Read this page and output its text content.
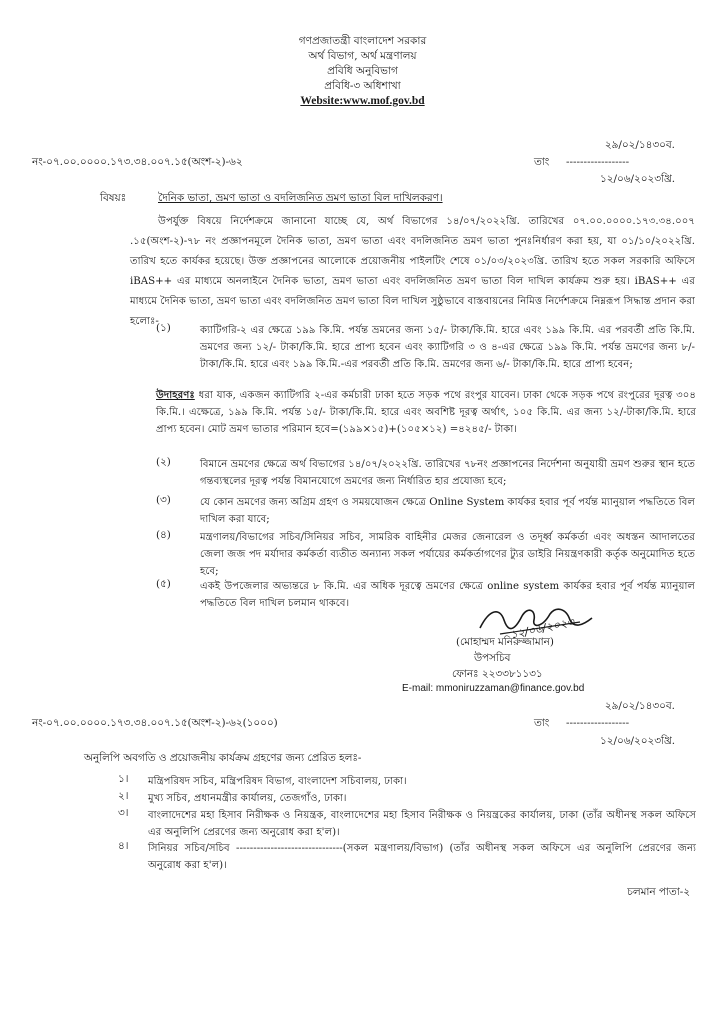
গণপ্রজাতন্ত্রী বাংলাদেশ সরকার
অর্থ বিভাগ, অর্থ মন্ত্রণালয়
প্রবিধি অনুবিভাগ
প্রবিধি-৩ অধিশাখা
Website:www.mof.gov.bd
২৯/০২/১৪৩০ব.
নং-০৭.০০.০০০০.১৭৩.৩৪.০০৭.১৫(অংশ-২)-৬২	তাং ------------------
১২/০৬/২০২৩খ্রি.
বিষয়ঃ	দৈনিক ভাতা, ভ্রমণ ভাতা ও বদলিজনিত ভ্রমণ ভাতা বিল দাখিলকরণ।
উপর্যুক্ত বিষয়ে নির্দেশক্রমে জানানো যাচ্ছে যে, অর্থ বিভাগের ১৪/০৭/২০২২খ্রি. তারিখের ০৭.০০.০০০০.১৭৩.৩৪.০০৭ .১৫(অংশ-২)-৭৮ নং প্রজ্ঞাপনমূলে দৈনিক ভাতা, ভ্রমণ ভাতা এবং বদলিজনিত ভ্রমণ ভাতা পুনঃনির্ধারণ করা হয়, যা ০১/১০/২০২২খ্রি. তারিখ হতে কার্যকর হয়েছে। উক্ত প্রজ্ঞাপনের আলোকে প্রয়োজনীয় পাইলটিং শেষে ০১/০৩/২০২৩খ্রি. তারিখ হতে সকল সরকারি অফিসে iBAS++ এর মাধ্যমে অনলাইনে দৈনিক ভাতা, ভ্রমণ ভাতা এবং বদলিজনিত ভ্রমণ ভাতা বিল দাখিল কার্যক্রম শুরু হয়। iBAS++ এর মাধ্যমে দৈনিক ভাতা, ভ্রমণ ভাতা এবং বদলিজনিত ভ্রমণ ভাতা বিল দাখিল সুষ্ঠুভাবে বাস্তবায়নের নিমিত্ত নির্দেশক্রমে নিম্নরূপ সিদ্ধান্ত প্রদান করা হলোঃ-
(১)	ক্যাটিগরি-২ এর ক্ষেত্রে ১৯৯ কি.মি. পর্যন্ত ভ্রমনের জন্য ১৫/- টাকা/কি.মি. হারে এবং ১৯৯ কি.মি. এর পরবর্তী প্রতি কি.মি. ভ্রমণের জন্য ১২/- টাকা/কি.মি. হারে প্রাপ্য হবেন এবং ক্যাটিগরি ৩ ও ৪-এর ক্ষেত্রে ১৯৯ কি.মি. পর্যন্ত ভ্রমণের জন্য ৮/- টাকা/কি.মি. হারে এবং ১৯৯ কি.মি.-এর পরবর্তী প্রতি কি.মি. ভ্রমণের জন্য ৬/- টাকা/কি.মি. হারে প্রাপ্য হবেন;
উদাহরণঃ ধরা যাক, একজন ক্যাটিগরি ২-এর কর্মচারী ঢাকা হতে সড়ক পথে রংপুর যাবেন। ঢাকা থেকে সড়ক পথে রংপুরের দূরত্ব ৩০৪ কি.মি.। এক্ষেত্রে, ১৯৯ কি.মি. পর্যন্ত ১৫/- টাকা/কি.মি. হারে এবং অবশিষ্ট দূরত্ব অর্থাৎ, ১০৫ কি.মি. এর জন্য ১২/-টাকা/কি.মি. হারে প্রাপ্য হবেন। মোট ভ্রমণ ভাতার পরিমান হবে=(১৯৯×১৫)+(১০৫×১২) =৪২৪৫/- টাকা।
(২)	বিমানে ভ্রমণের ক্ষেত্রে অর্থ বিভাগের ১৪/০৭/২০২২খ্রি. তারিখের ৭৮নং প্রজ্ঞাপনের নির্দেশনা অনুযায়ী ভ্রমণ শুরুর স্থান হতে গন্তব্যস্থলের দূরত্ব পর্যন্ত বিমানযোগে ভ্রমণের জন্য নির্ধারিত হার প্রযোজ্য হবে;
(৩)	যে কোন ভ্রমণের জন্য অগ্রিম গ্রহণ ও সময়যোজন ক্ষেত্রে Online System কার্যকর হবার পূর্ব পর্যন্ত ম্যানুয়াল পদ্ধতিতে বিল দাখিল করা যাবে;
(৪)	মন্ত্রণালয়/বিভাগের সচিব/সিনিয়র সচিব, সামরিক বাহিনীর মেজর জেনারেল ও তদূর্ধ্ব কর্মকর্তা এবং অধস্তন আদালতের জেলা জজ পদ মর্যাদার কর্মকর্তা ব্যতীত অন্যান্য সকল পর্যায়ের কর্মকর্তাগণের ট্যুর ডাইরি নিয়ন্ত্রণকারী কর্তৃক অনুমোদিত হতে হবে;
(৫)	একই উপজেলার অভ্যন্তরে ৮ কি.মি. এর অধিক দূরত্বে ভ্রমণের ক্ষেত্রে online system কার্যকর হবার পূর্ব পর্যন্ত ম্যানুয়াল পদ্ধতিতে বিল দাখিল চলমান থাকবে।
১২/০৬/২০২৩
(মোহাম্মদ মনিরুজ্জামান)
উপসচিব
ফোনঃ ২২৩৩৮১১৩১
E-mail: mmoniruzzaman@finance.gov.bd
২৯/০২/১৪৩০ব.
নং-০৭.০০.০০০০.১৭৩.৩৪.০০৭.১৫(অংশ-২)-৬২(১০০০)	তাং ------------------
১২/০৬/২০২৩খ্রি.
অনুলিপি অবগতি ও প্রয়োজনীয় কার্যক্রম গ্রহণের জন্য প্রেরিত হলঃ-
১।	মন্ত্রিপরিষদ সচিব, মন্ত্রিপরিষদ বিভাগ, বাংলাদেশ সচিবালয়, ঢাকা।
২।	মুখ্য সচিব, প্রধানমন্ত্রীর কার্যালয়, তেজগাঁও, ঢাকা।
৩।	বাংলাদেশের মহা হিসাব নিরীক্ষক ও নিয়ন্ত্রক, বাংলাদেশের মহা হিসাব নিরীক্ষক ও নিয়ন্ত্রকের কার্যালয়, ঢাকা (তাঁর অধীনস্থ সকল অফিসে এর অনুলিপি প্রেরণের জন্য অনুরোধ করা হ'ল)।
৪।	সিনিয়র সচিব/সচিব -------------------------------(সকল মন্ত্রণালয়/বিভাগ) (তাঁর অধীনস্থ সকল অফিসে এর অনুলিপি প্রেরণের জন্য অনুরোধ করা হ'ল)।
চলমান পাতা-২
